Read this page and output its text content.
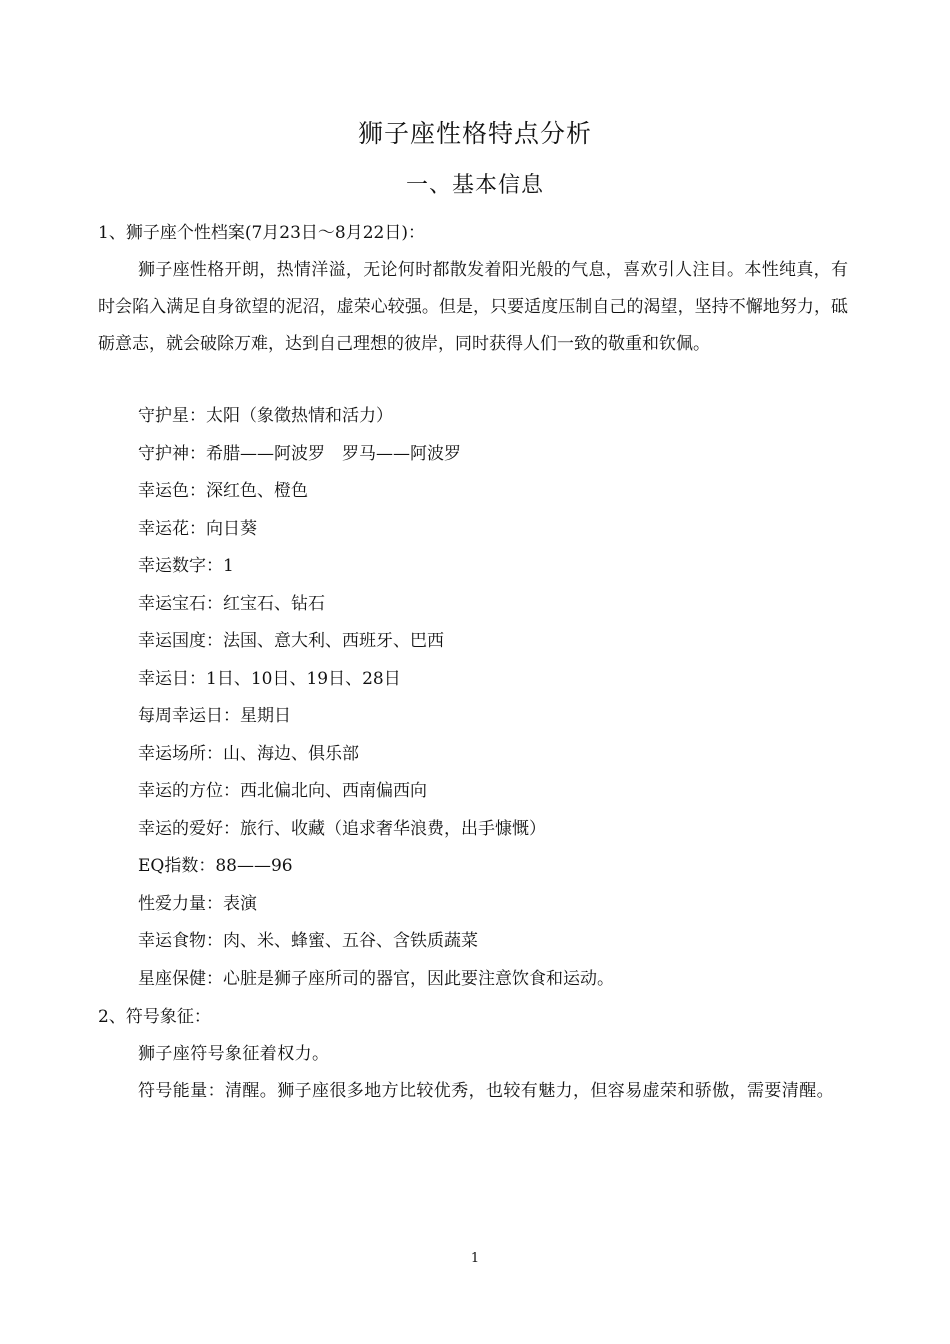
狮子座性格特点分析
一、基本信息
1、狮子座个性档案(7月23日～8月22日)：
狮子座性格开朗，热情洋溢，无论何时都散发着阳光般的气息，喜欢引人注目。本性纯真，有时会陷入满足自身欲望的泥沼，虚荣心较强。但是，只要适度压制自己的渴望，坚持不懈地努力，砥砺意志，就会破除万难，达到自己理想的彼岸，同时获得人们一致的敬重和钦佩。
守护星：太阳（象徵热情和活力）
守护神：希腊——阿波罗　罗马——阿波罗
幸运色：深红色、橙色
幸运花：向日葵
幸运数字：1
幸运宝石：红宝石、钻石
幸运国度：法国、意大利、西班牙、巴西
幸运日：1日、10日、19日、28日
每周幸运日：星期日
幸运场所：山、海边、俱乐部
幸运的方位：西北偏北向、西南偏西向
幸运的爱好：旅行、收藏（追求奢华浪费，出手慷慨）
EQ指数：88——96
性爱力量：表演
幸运食物：肉、米、蜂蜜、五谷、含铁质蔬菜
星座保健：心脏是狮子座所司的器官，因此要注意饮食和运动。
2、符号象征：
狮子座符号象征着权力。
符号能量：清醒。狮子座很多地方比较优秀，也较有魅力，但容易虚荣和骄傲，需要清醒。
1
